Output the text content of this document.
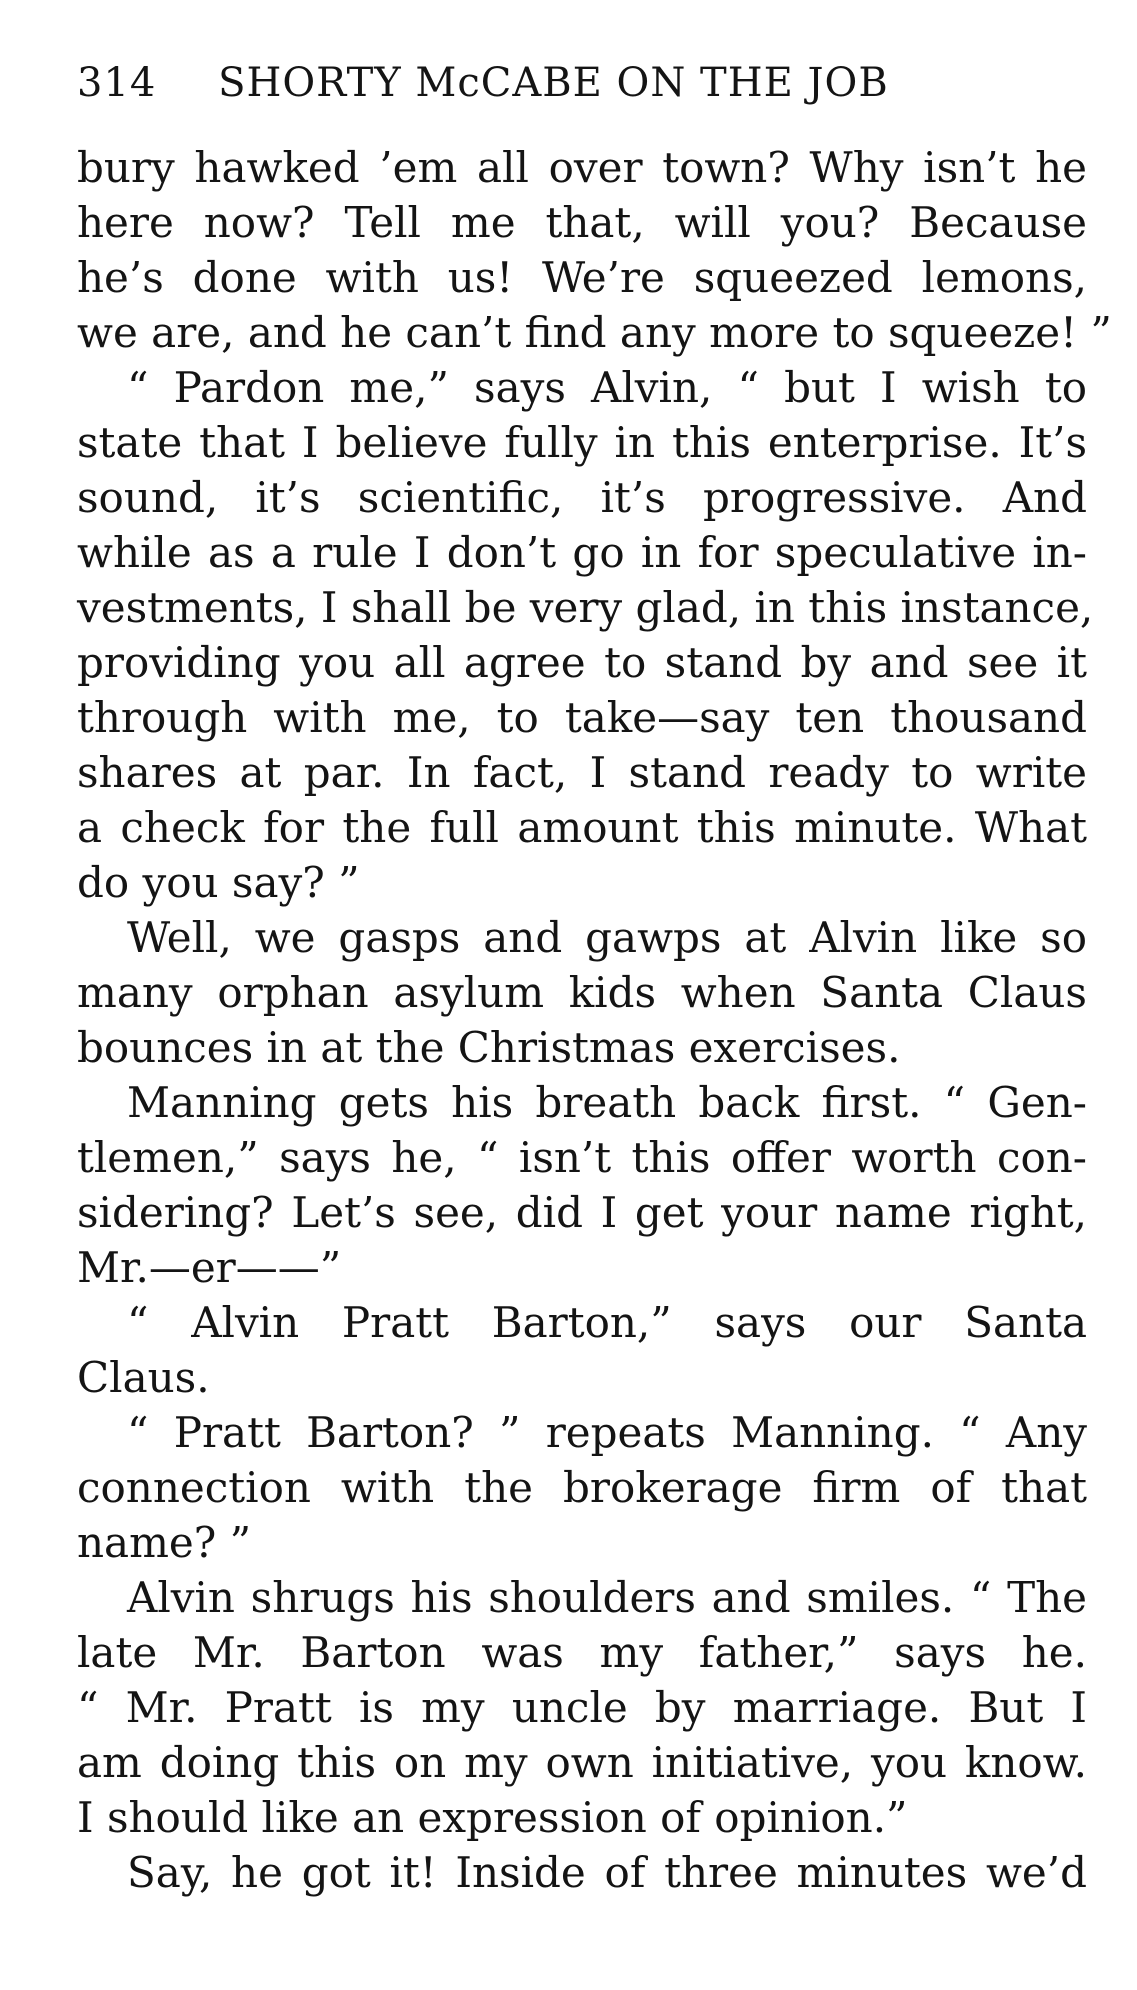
314 SHORTY McCABE ON THE JOB
bury hawked ’em all over town? Why isn’t he
here now? Tell me that, will you? Because
he’s done with us! We’re squeezed lemons,
we are, and he can’t find any more to squeeze! ”
“ Pardon me,” says Alvin, “ but I wish to
state that I believe fully in this enterprise. It’s
sound, it’s scientific, it’s progressive. And
while as a rule I don’t go in for speculative in-
vestments, I shall be very glad, in this instance,
providing you all agree to stand by and see it
through with me, to take—say ten thousand
shares at par. In fact, I stand ready to write
a check for the full amount this minute. What
do you say? ”
Well, we gasps and gawps at Alvin like so
many orphan asylum kids when Santa Claus
bounces in at the Christmas exercises.
Manning gets his breath back first. “ Gen-
tlemen,” says he, “ isn’t this offer worth con-
sidering? Let’s see, did I get your name right,
Mr.—er——”
“ Alvin Pratt Barton,” says our Santa
Claus.
“ Pratt Barton? ” repeats Manning. “ Any
connection with the brokerage firm of that
name? ”
Alvin shrugs his shoulders and smiles. “ The
late Mr. Barton was my father,” says he.
“ Mr. Pratt is my uncle by marriage. But I
am doing this on my own initiative, you know.
I should like an expression of opinion.”
Say, he got it! Inside of three minutes we’d
